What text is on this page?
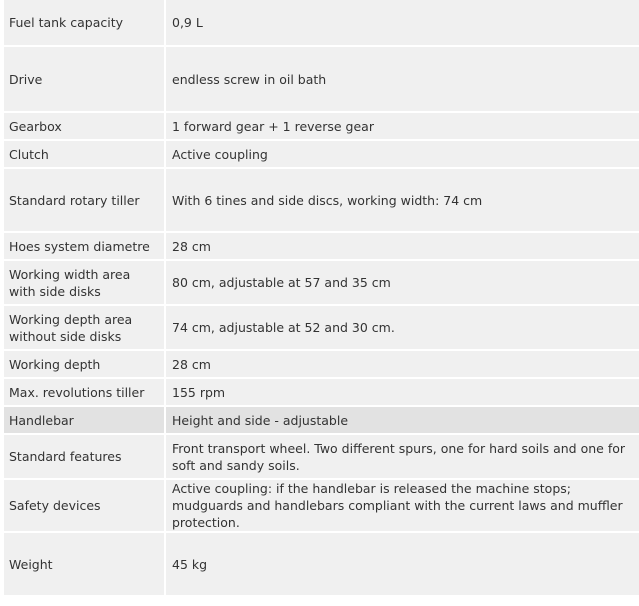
Fuel tank capacity	0,9 L
Drive	endless screw in oil bath
Gearbox	1 forward gear + 1 reverse gear
Clutch	Active coupling
Standard rotary tiller	With 6 tines and side discs, working width: 74 cm
Hoes system diametre	28 cm
Working width area with side disks	80 cm, adjustable at 57 and 35 cm
Working depth area without side disks	74 cm, adjustable at 52 and 30 cm.
Working depth	28 cm
Max. revolutions tiller	155 rpm
Handlebar	Height and side - adjustable
Standard features	Front transport wheel. Two different spurs, one for hard soils and one for soft and sandy soils.
Safety devices	Active coupling: if the handlebar is released the machine stops; mudguards and handlebars compliant with the current laws and muffler protection.
Weight	45 kg
